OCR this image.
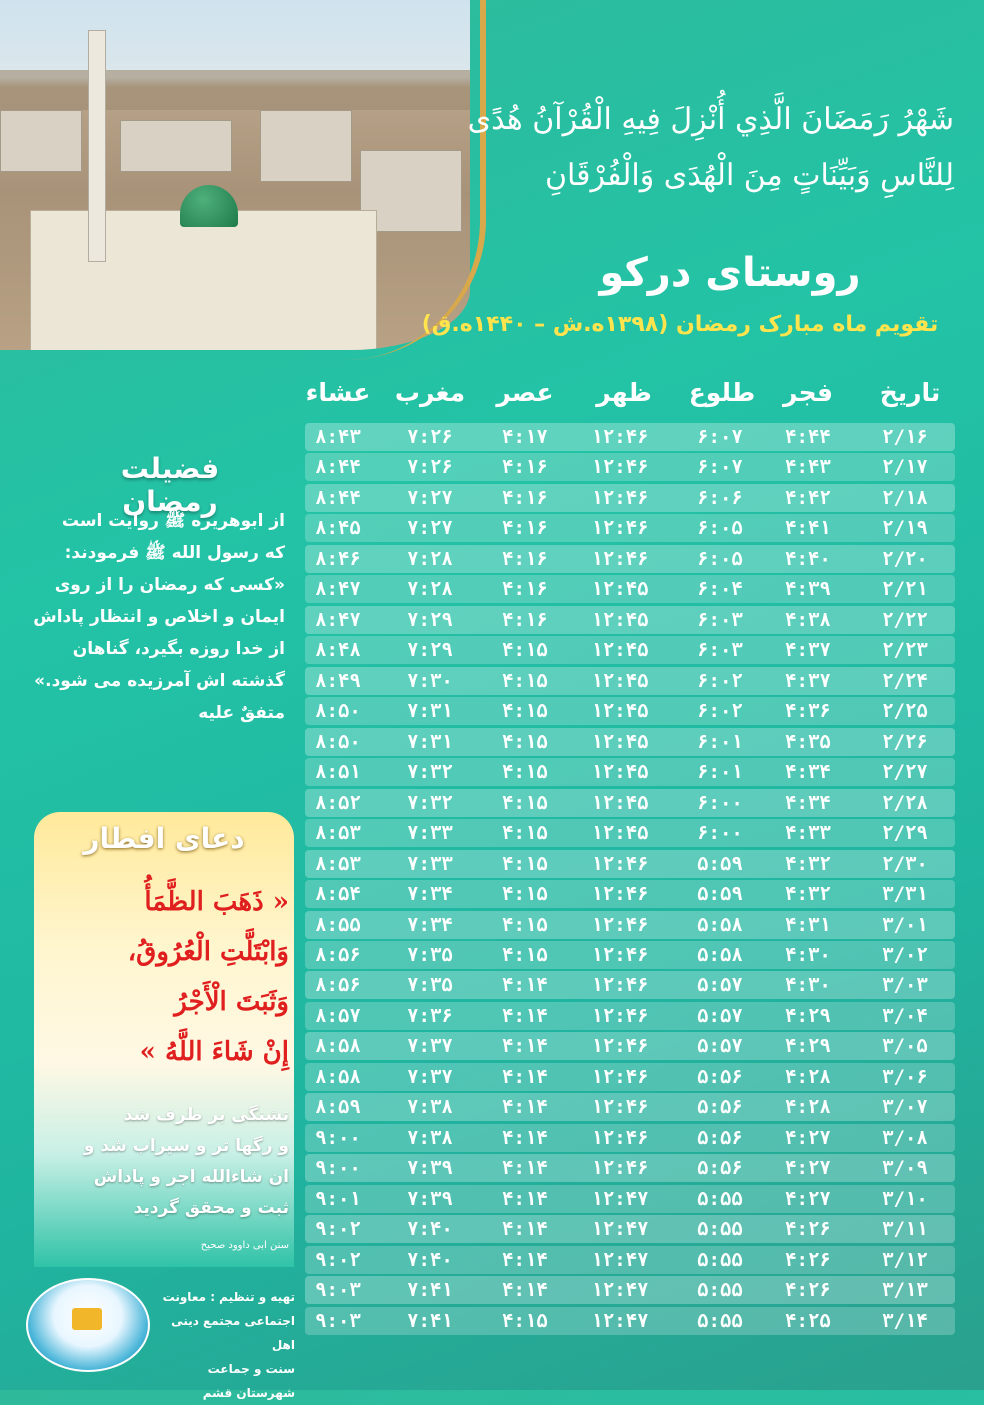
شَهْرُ رَمَضَانَ الَّذِي أُنْزِلَ فِيهِ الْقُرْآنُ هُدًى
لِلنَّاسِ وَبَيِّنَاتٍ مِنَ الْهُدَى وَالْفُرْقَانِ
روستای درکو
تقویم ماه مبارک رمضان (۱۳۹۸ه.ش – ۱۴۴۰ه.ق)
تاریخ
فجر
طلوع
ظهر
عصر
مغرب
عشاء
۲/۱۶
۴:۴۴
۶:۰۷
۱۲:۴۶
۴:۱۷
۷:۲۶
۸:۴۳
۲/۱۷
۴:۴۳
۶:۰۷
۱۲:۴۶
۴:۱۶
۷:۲۶
۸:۴۴
۲/۱۸
۴:۴۲
۶:۰۶
۱۲:۴۶
۴:۱۶
۷:۲۷
۸:۴۴
۲/۱۹
۴:۴۱
۶:۰۵
۱۲:۴۶
۴:۱۶
۷:۲۷
۸:۴۵
۲/۲۰
۴:۴۰
۶:۰۵
۱۲:۴۶
۴:۱۶
۷:۲۸
۸:۴۶
۲/۲۱
۴:۳۹
۶:۰۴
۱۲:۴۵
۴:۱۶
۷:۲۸
۸:۴۷
۲/۲۲
۴:۳۸
۶:۰۳
۱۲:۴۵
۴:۱۶
۷:۲۹
۸:۴۷
۲/۲۳
۴:۳۷
۶:۰۳
۱۲:۴۵
۴:۱۵
۷:۲۹
۸:۴۸
۲/۲۴
۴:۳۷
۶:۰۲
۱۲:۴۵
۴:۱۵
۷:۳۰
۸:۴۹
۲/۲۵
۴:۳۶
۶:۰۲
۱۲:۴۵
۴:۱۵
۷:۳۱
۸:۵۰
۲/۲۶
۴:۳۵
۶:۰۱
۱۲:۴۵
۴:۱۵
۷:۳۱
۸:۵۰
۲/۲۷
۴:۳۴
۶:۰۱
۱۲:۴۵
۴:۱۵
۷:۳۲
۸:۵۱
۲/۲۸
۴:۳۴
۶:۰۰
۱۲:۴۵
۴:۱۵
۷:۳۲
۸:۵۲
۲/۲۹
۴:۳۳
۶:۰۰
۱۲:۴۵
۴:۱۵
۷:۳۳
۸:۵۳
۲/۳۰
۴:۳۲
۵:۵۹
۱۲:۴۶
۴:۱۵
۷:۳۳
۸:۵۳
۳/۳۱
۴:۳۲
۵:۵۹
۱۲:۴۶
۴:۱۵
۷:۳۴
۸:۵۴
۳/۰۱
۴:۳۱
۵:۵۸
۱۲:۴۶
۴:۱۵
۷:۳۴
۸:۵۵
۳/۰۲
۴:۳۰
۵:۵۸
۱۲:۴۶
۴:۱۵
۷:۳۵
۸:۵۶
۳/۰۳
۴:۳۰
۵:۵۷
۱۲:۴۶
۴:۱۴
۷:۳۵
۸:۵۶
۳/۰۴
۴:۲۹
۵:۵۷
۱۲:۴۶
۴:۱۴
۷:۳۶
۸:۵۷
۳/۰۵
۴:۲۹
۵:۵۷
۱۲:۴۶
۴:۱۴
۷:۳۷
۸:۵۸
۳/۰۶
۴:۲۸
۵:۵۶
۱۲:۴۶
۴:۱۴
۷:۳۷
۸:۵۸
۳/۰۷
۴:۲۸
۵:۵۶
۱۲:۴۶
۴:۱۴
۷:۳۸
۸:۵۹
۳/۰۸
۴:۲۷
۵:۵۶
۱۲:۴۶
۴:۱۴
۷:۳۸
۹:۰۰
۳/۰۹
۴:۲۷
۵:۵۶
۱۲:۴۶
۴:۱۴
۷:۳۹
۹:۰۰
۳/۱۰
۴:۲۷
۵:۵۵
۱۲:۴۷
۴:۱۴
۷:۳۹
۹:۰۱
۳/۱۱
۴:۲۶
۵:۵۵
۱۲:۴۷
۴:۱۴
۷:۴۰
۹:۰۲
۳/۱۲
۴:۲۶
۵:۵۵
۱۲:۴۷
۴:۱۴
۷:۴۰
۹:۰۲
۳/۱۳
۴:۲۶
۵:۵۵
۱۲:۴۷
۴:۱۴
۷:۴۱
۹:۰۳
۳/۱۴
۴:۲۵
۵:۵۵
۱۲:۴۷
۴:۱۵
۷:۴۱
۹:۰۳
فضیلت رمضان
از ابوهریره ﷺ روایت است
که رسول الله ﷺ فرمودند:
«کسی که رمضان را از روی
ایمان و اخلاص و انتظار پاداش
از خدا روزه بگیرد، گناهان
گذشته اش آمرزیده می شود.»
متفقٌ علیه
دعای افطار
« ذَهَبَ الظَّمَأُ
وَابْتَلَّتِ الْعُرُوقُ،
وَثَبَتَ الْأَجْرُ
إِنْ شَاءَ اللَّهُ »
تشنگی بر طرف شد
و رگها تر و سیراب شد و
ان شاءالله اجر و پاداش
ثبت و محقق گردید
سنن ابی داوود صحیح
تهیه و تنظیم : معاونت
اجتماعی مجتمع دینی اهل
سنت و جماعت شهرستان قشم
